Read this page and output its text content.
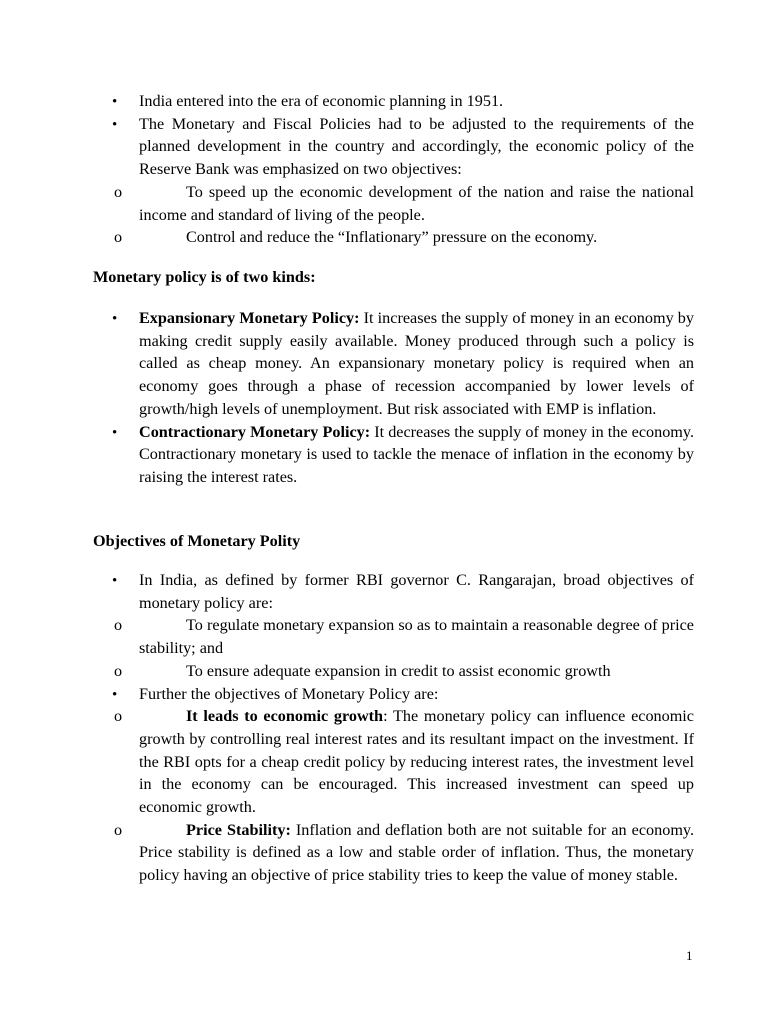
•
India entered into the era of economic planning in 1951.
•
The Monetary and Fiscal Policies had to be adjusted to the requirements of the planned development in the country and accordingly, the economic policy of the Reserve Bank was emphasized on two objectives:
o	To speed up the economic development of the nation and raise the national income and standard of living of the people.
o	Control and reduce the “Inflationary” pressure on the economy.
Monetary policy is of two kinds:
•
Expansionary Monetary Policy: It increases the supply of money in an economy by making credit supply easily available. Money produced through such a policy is called as cheap money. An expansionary monetary policy is required when an economy goes through a phase of recession accompanied by lower levels of growth/high levels of unemployment. But risk associated with EMP is inflation.
•
Contractionary Monetary Policy: It decreases the supply of money in the economy. Contractionary monetary is used to tackle the menace of inflation in the economy by raising the interest rates.
Objectives of Monetary Polity
•
In India, as defined by former RBI governor C. Rangarajan, broad objectives of monetary policy are:
o	To regulate monetary expansion so as to maintain a reasonable degree of price stability; and
o	To ensure adequate expansion in credit to assist economic growth
•
Further the objectives of Monetary Policy are:
o	It leads to economic growth: The monetary policy can influence economic growth by controlling real interest rates and its resultant impact on the investment. If the RBI opts for a cheap credit policy by reducing interest rates, the investment level in the economy can be encouraged. This increased investment can speed up economic growth.
o	Price Stability: Inflation and deflation both are not suitable for an economy. Price stability is defined as a low and stable order of inflation. Thus, the monetary policy having an objective of price stability tries to keep the value of money stable.
1
